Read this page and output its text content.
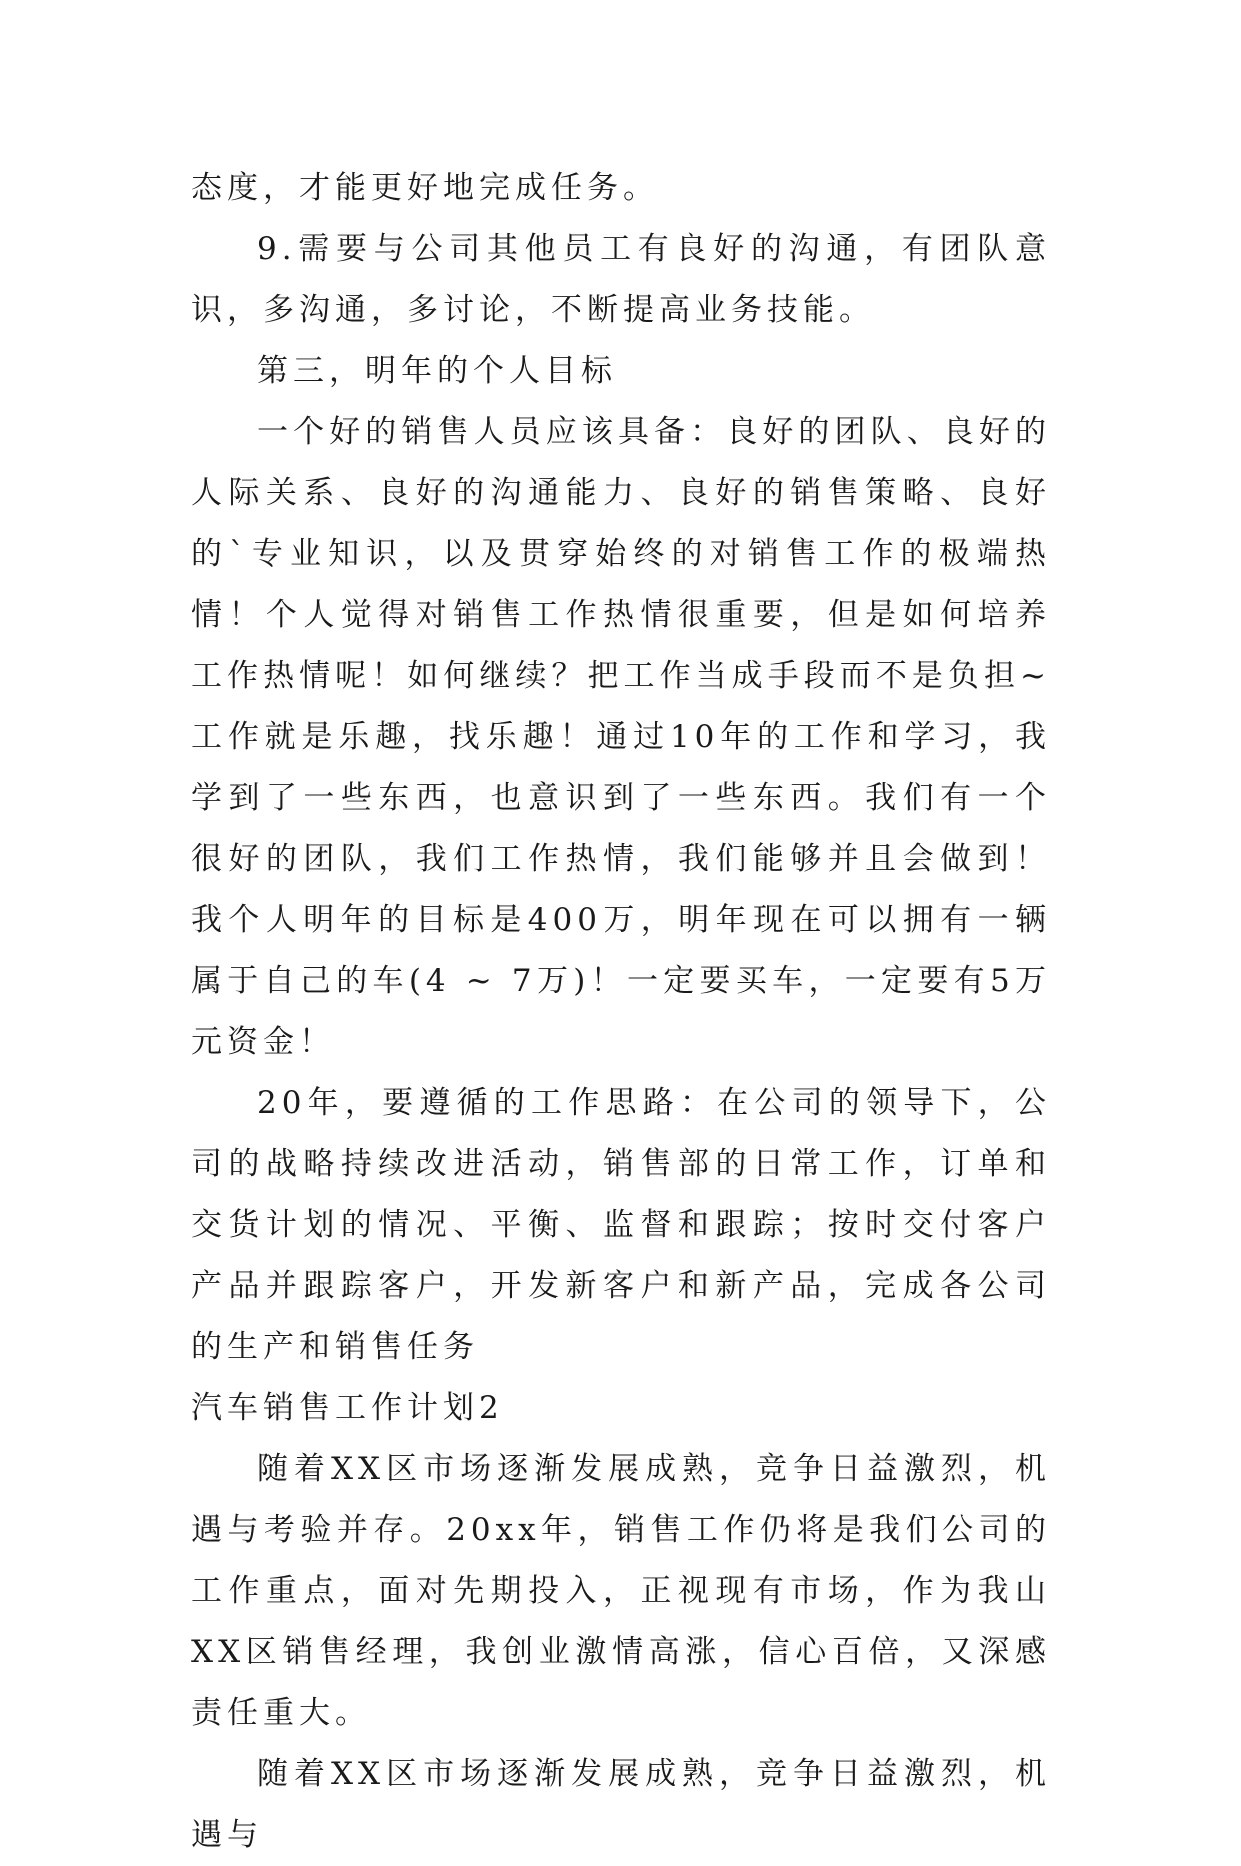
态度，才能更好地完成任务。

9.需要与公司其他员工有良好的沟通，有团队意识，多沟通，多讨论，不断提高业务技能。

第三，明年的个人目标

一个好的销售人员应该具备：良好的团队、良好的人际关系、良好的沟通能力、良好的销售策略、良好的`专业知识，以及贯穿始终的对销售工作的极端热情！个人觉得对销售工作热情很重要，但是如何培养工作热情呢！如何继续？把工作当成手段而不是负担~工作就是乐趣，找乐趣！通过10年的工作和学习，我学到了一些东西，也意识到了一些东西。我们有一个很好的团队，我们工作热情，我们能够并且会做到！我个人明年的目标是400万，明年现在可以拥有一辆属于自己的车(4 ~ 7万)！一定要买车，一定要有5万元资金！

20年，要遵循的工作思路：在公司的领导下，公司的战略持续改进活动，销售部的日常工作，订单和交货计划的情况、平衡、监督和跟踪；按时交付客户产品并跟踪客户，开发新客户和新产品，完成各公司的生产和销售任务

汽车销售工作计划2

随着XX区市场逐渐发展成熟，竞争日益激烈，机遇与考验并存。20xx年，销售工作仍将是我们公司的工作重点，面对先期投入，正视现有市场，作为我山XX区销售经理，我创业激情高涨，信心百倍，又深感责任重大。

随着XX区市场逐渐发展成熟，竞争日益激烈，机遇与
